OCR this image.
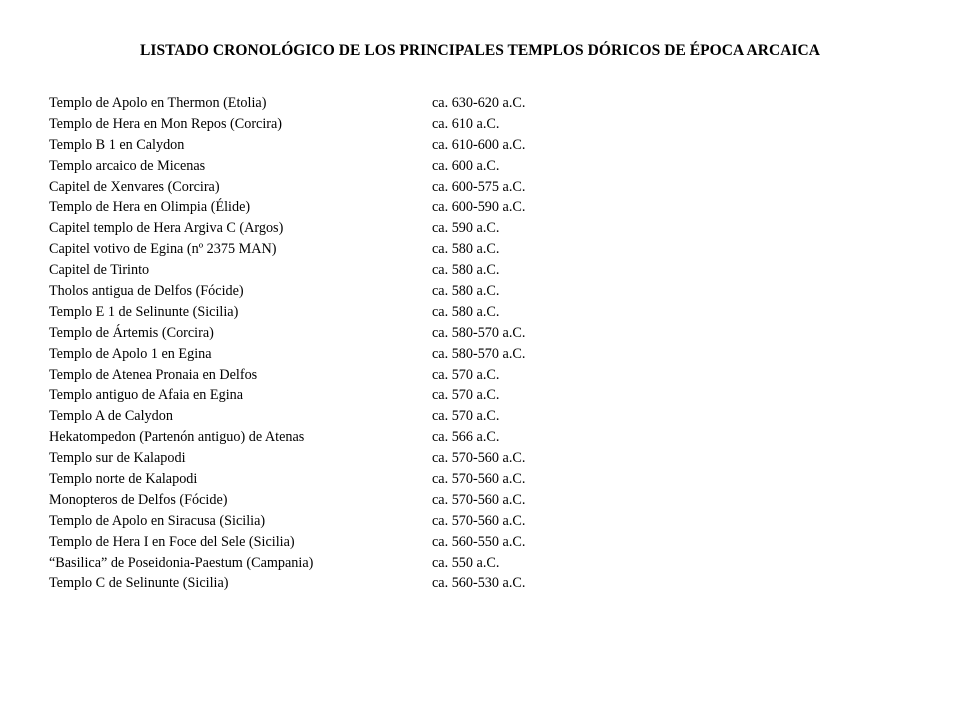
LISTADO CRONOLÓGICO DE LOS PRINCIPALES TEMPLOS DÓRICOS DE ÉPOCA ARCAICA
Templo de Apolo en Thermon (Etolia)	ca. 630-620 a.C.
Templo de Hera en Mon Repos (Corcira)	ca. 610 a.C.
Templo B 1 en Calydon	ca. 610-600 a.C.
Templo arcaico de Micenas	ca. 600 a.C.
Capitel de Xenvares (Corcira)	ca. 600-575 a.C.
Templo de Hera en Olimpia (Élide)	ca. 600-590 a.C.
Capitel templo de Hera Argiva C (Argos)	ca. 590 a.C.
Capitel votivo de Egina (nº 2375 MAN)	ca. 580 a.C.
Capitel de Tirinto	ca. 580 a.C.
Tholos antigua de Delfos (Fócide)	ca. 580 a.C.
Templo E 1 de Selinunte (Sicilia)	ca. 580 a.C.
Templo de Ártemis (Corcira)	ca. 580-570 a.C.
Templo de Apolo 1 en Egina	ca. 580-570 a.C.
Templo de Atenea Pronaia en Delfos	ca. 570 a.C.
Templo antiguo de Afaia en Egina	ca. 570 a.C.
Templo A de Calydon	ca. 570 a.C.
Hekatompedon (Partenón antiguo) de Atenas	ca. 566 a.C.
Templo sur de Kalapodi	ca. 570-560 a.C.
Templo norte de Kalapodi	ca. 570-560 a.C.
Monopteros de Delfos (Fócide)	ca. 570-560 a.C.
Templo de Apolo en Siracusa (Sicilia)	ca. 570-560 a.C.
Templo de Hera I en Foce del Sele (Sicilia)	ca. 560-550 a.C.
“Basilica” de Poseidonia-Paestum (Campania)	ca. 550 a.C.
Templo C de Selinunte (Sicilia)	ca. 560-530 a.C.
